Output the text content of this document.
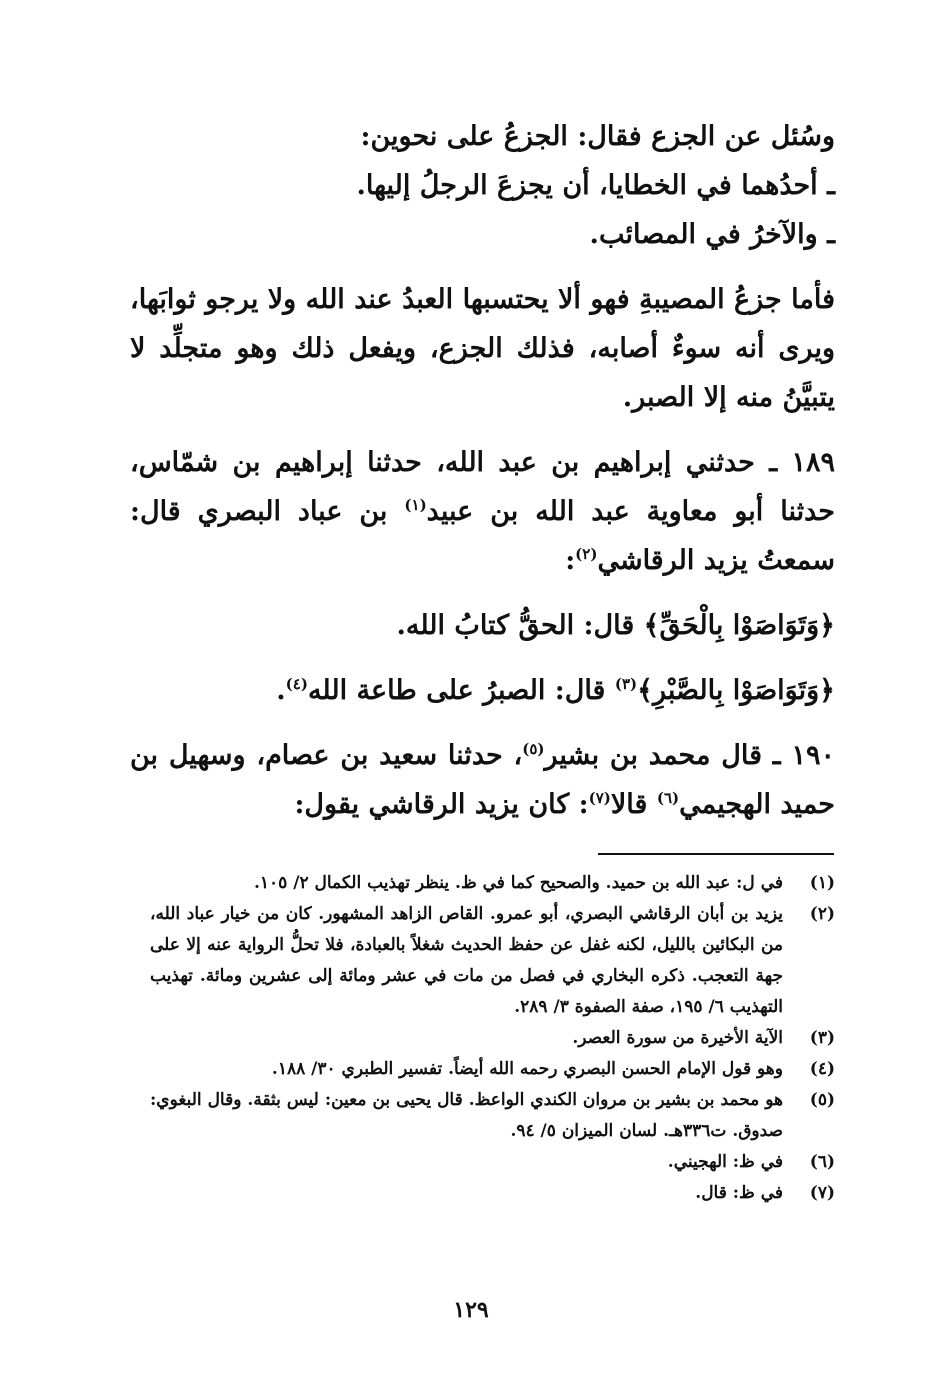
وسُئل عن الجزع فقال: الجزعُ على نحوين:

ـ أحدُهما في الخطايا، أن يجزعَ الرجلُ إليها.

ـ والآخرُ في المصائب.

فأما جزعُ المصيبةِ فهو ألا يحتسبها العبدُ عند الله ولا يرجو ثوابَها، ويرى أنه سوءٌ أصابه، فذلك الجزع، ويفعل ذلك وهو متجلِّد لا يتبيَّنُ منه إلا الصبر.

١٨٩ ـ حدثني إبراهيم بن عبد الله، حدثنا إبراهيم بن شمّاس، حدثنا أبو معاوية عبد الله بن عبيد$^{(١)}$ بن عباد البصري قال: سمعتُ يزيد الرقاشي$^{(٢)}$:

﴿وَتَوَاصَوْا بِالْحَقِّ﴾ قال: الحقُّ كتابُ الله.

﴿وَتَوَاصَوْا بِالصَّبْرِ﴾$^{(٣)}$ قال: الصبرُ على طاعة الله$^{(٤)}$.

١٩٠ ـ قال محمد بن بشير$^{(٥)}$، حدثنا سعيد بن عصام، وسهيل بن حميد الهجيمي$^{(٦)}$ قالا$^{(٧)}$: كان يزيد الرقاشي يقول:

(١)
في ل: عبد الله بن حميد. والصحيح كما في ظ. ينظر تهذيب الكمال ٢/ ١٠٥.
(٢)
يزيد بن أبان الرقاشي البصري، أبو عمرو. القاص الزاهد المشهور. كان من خيار عباد الله، من البكائين بالليل، لكنه غفل عن حفظ الحديث شغلاً بالعبادة، فلا تحلُّ الرواية عنه إلا على جهة التعجب. ذكره البخاري في فصل من مات في عشر ومائة إلى عشرين ومائة. تهذيب التهذيب ٦/ ١٩٥، صفة الصفوة ٣/ ٢٨٩.
(٣)
الآية الأخيرة من سورة العصر.
(٤)
وهو قول الإمام الحسن البصري رحمه الله أيضاً. تفسير الطبري ٣٠/ ١٨٨.
(٥)
هو محمد بن بشير بن مروان الكندي الواعظ. قال يحيى بن معين: ليس بثقة. وقال البغوي: صدوق. ت٣٣٦هـ. لسان الميزان ٥/ ٩٤.
(٦)
في ظ: الهجيني.
(٧)
في ظ: قال.
١٢٩
